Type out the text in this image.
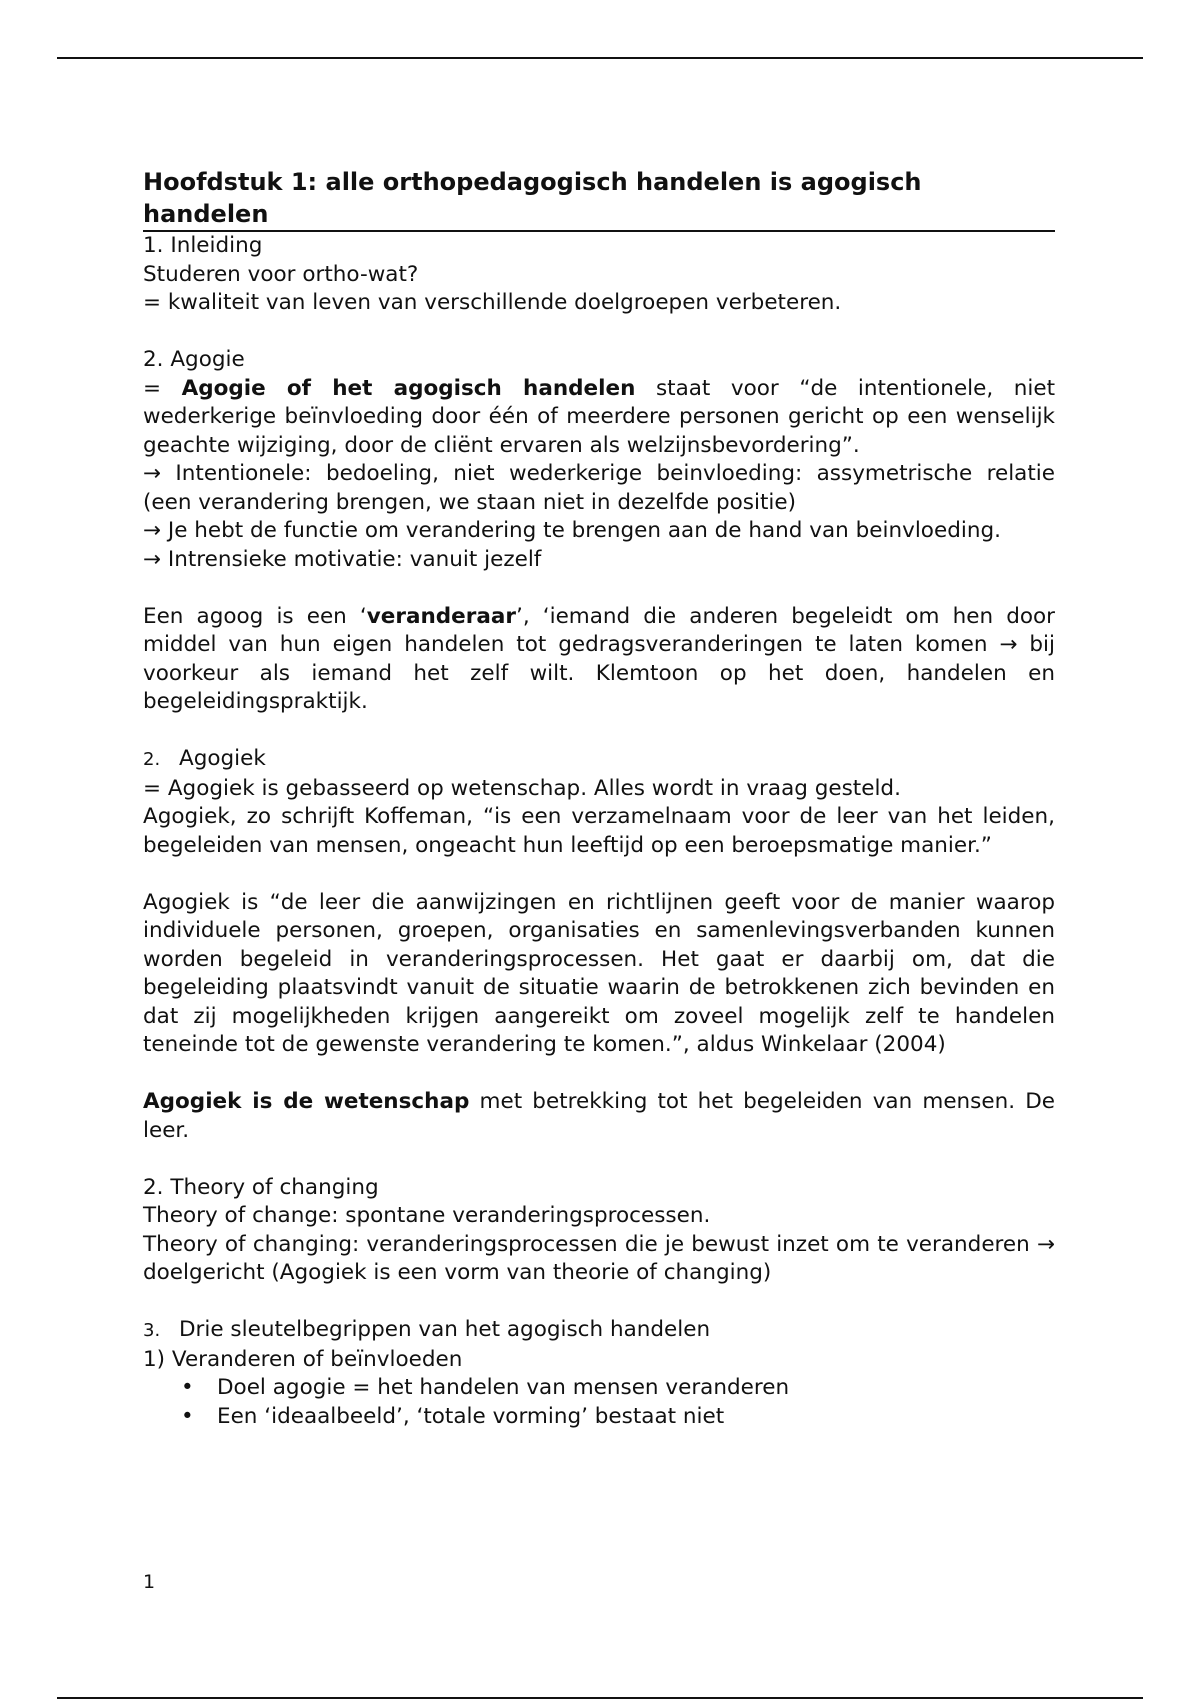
Hoofdstuk 1: alle orthopedagogisch handelen is agogisch handelen

1. Inleiding

Studeren voor ortho-wat?

= kwaliteit van leven van verschillende doelgroepen verbeteren.

2. Agogie

= Agogie of het agogisch handelen staat voor “de intentionele, niet wederkerige beïnvloeding door één of meerdere personen gericht op een wenselijk geachte wijziging, door de cliënt ervaren als welzijnsbevordering”.

→ Intentionele: bedoeling, niet wederkerige beinvloeding: assymetrische relatie (een verandering brengen, we staan niet in dezelfde positie)

→ Je hebt de functie om verandering te brengen aan de hand van beinvloeding.

→ Intrensieke motivatie: vanuit jezelf

Een agoog is een ‘veranderaar’, ‘iemand die anderen begeleidt om hen door middel van hun eigen handelen tot gedragsveranderingen te laten komen → bij voorkeur als iemand het zelf wilt. Klemtoon op het doen, handelen en begeleidingspraktijk.

2. Agogiek

= Agogiek is gebasseerd op wetenschap. Alles wordt in vraag gesteld.

Agogiek, zo schrijft Koffeman, “is een verzamelnaam voor de leer van het leiden, begeleiden van mensen, ongeacht hun leeftijd op een beroepsmatige manier.”

Agogiek is “de leer die aanwijzingen en richtlijnen geeft voor de manier waarop individuele personen, groepen, organisaties en samenlevingsverbanden kunnen worden begeleid in veranderingsprocessen. Het gaat er daarbij om, dat die begeleiding plaatsvindt vanuit de situatie waarin de betrokkenen zich bevinden en dat zij mogelijkheden krijgen aangereikt om zoveel mogelijk zelf te handelen teneinde tot de gewenste verandering te komen.”, aldus Winkelaar (2004)

Agogiek is de wetenschap met betrekking tot het begeleiden van mensen. De leer.

2. Theory of changing

Theory of change: spontane veranderingsprocessen.

Theory of changing: veranderingsprocessen die je bewust inzet om te veranderen → doelgericht (Agogiek is een vorm van theorie of changing)

3. Drie sleutelbegrippen van het agogisch handelen

1) Veranderen of beïnvloeden

• Doel agogie = het handelen van mensen veranderen

• Een ‘ideaalbeeld’, ‘totale vorming’ bestaat niet

1
